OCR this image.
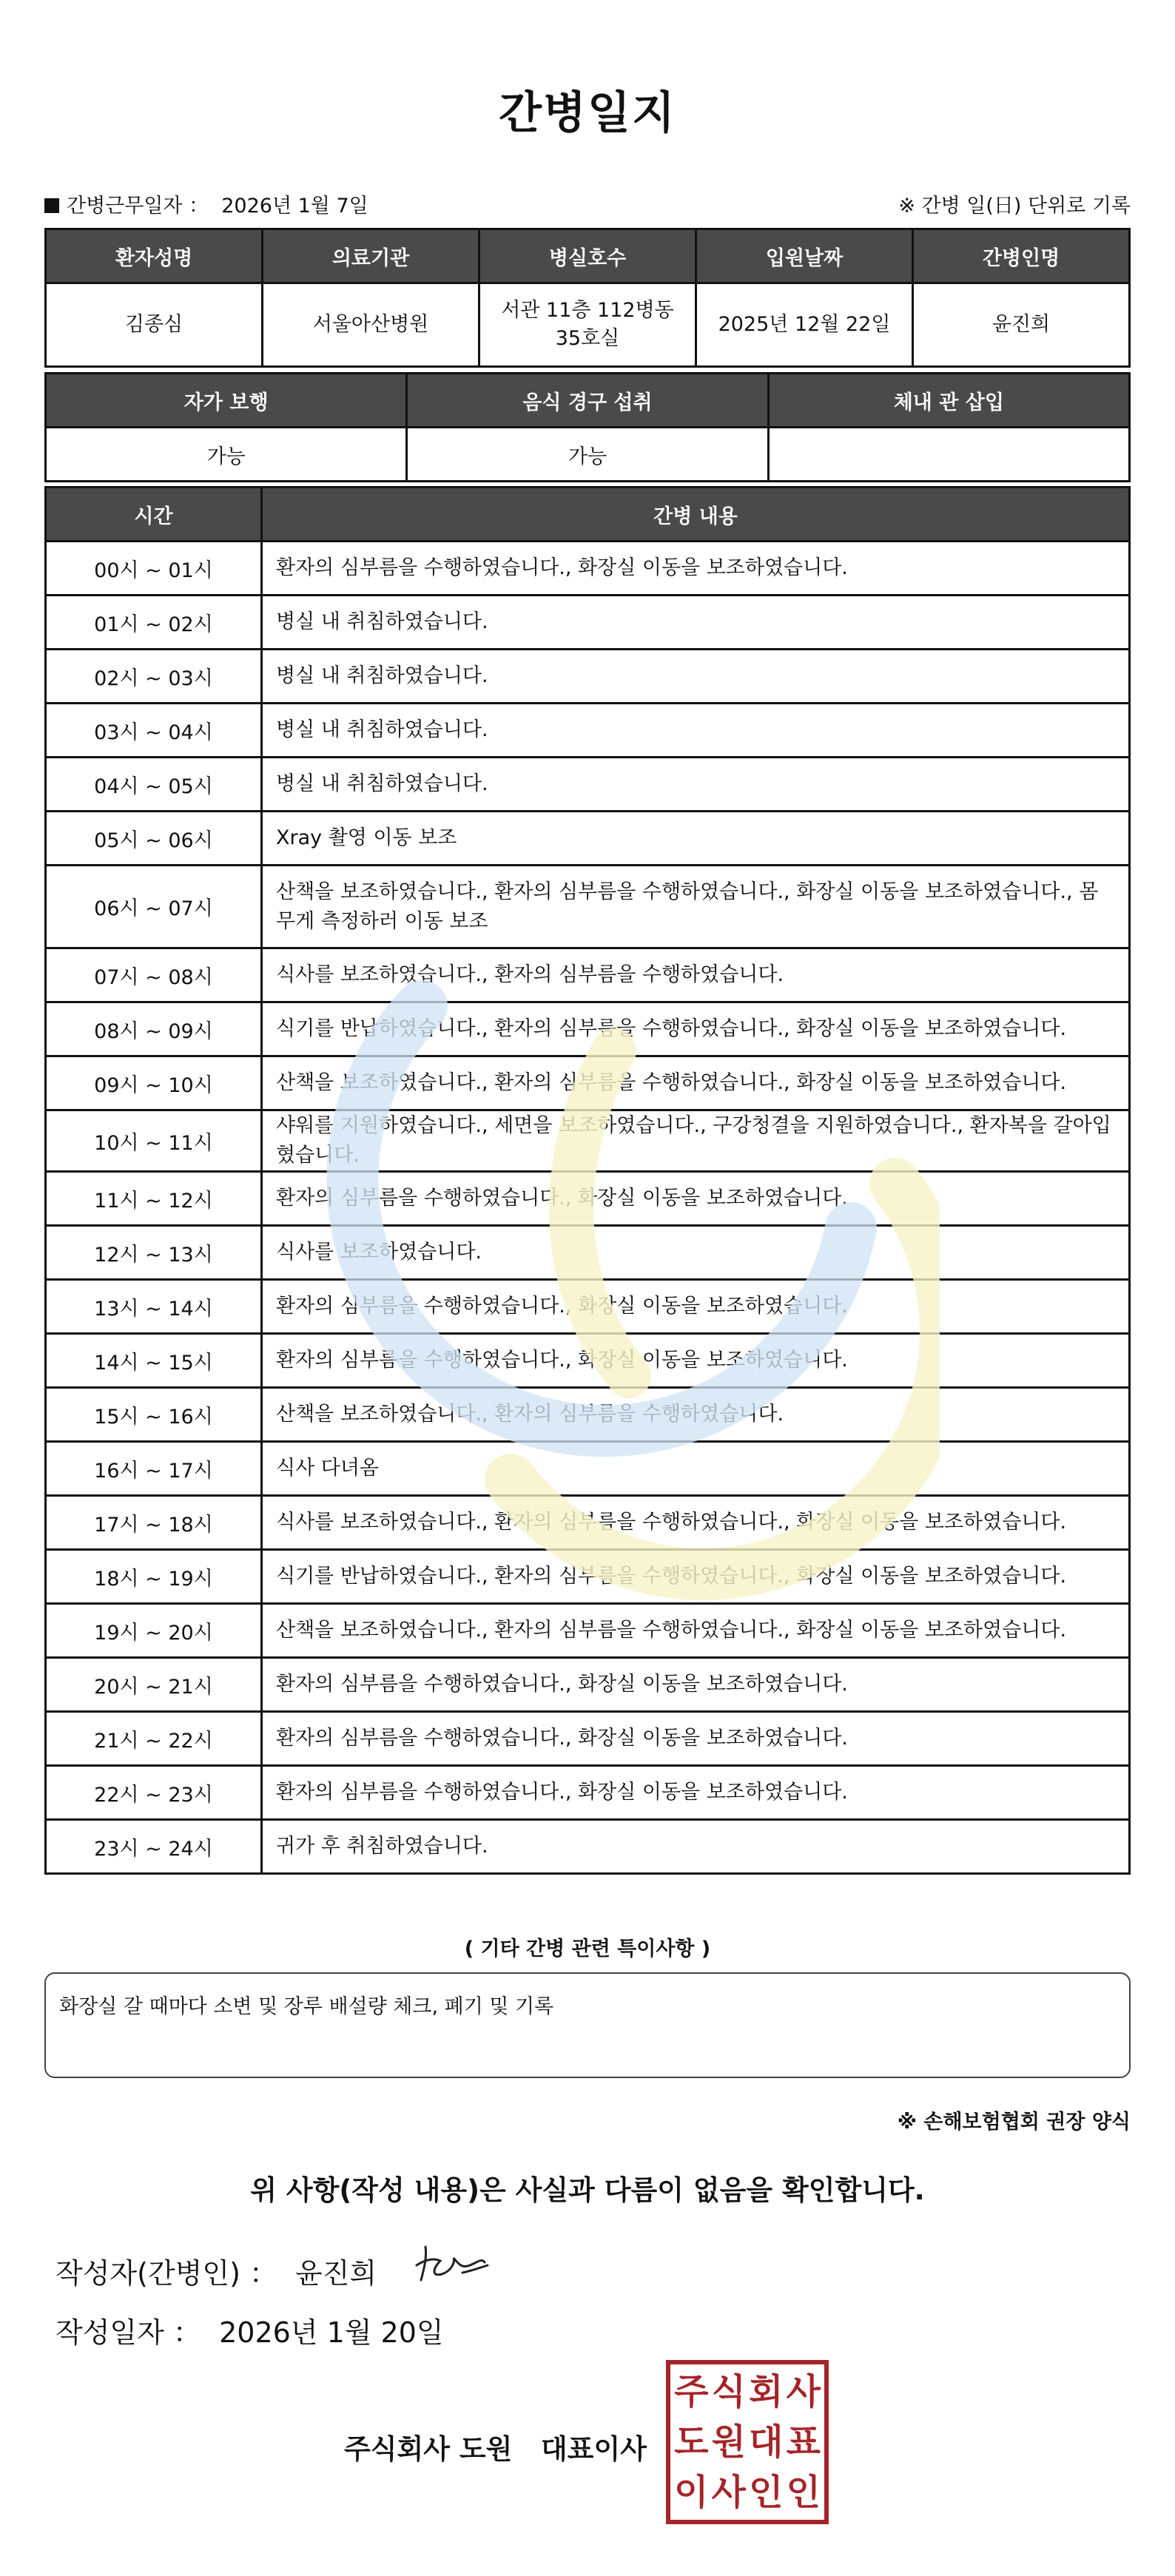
간병일지
간병근무일자 ： 2026년 1월 7일	※ 간병 일(日) 단위로 기록
환자성명	의료기관	병실호수	입원날짜	간병인명
김종심	서울아산병원	서관 11층 112병동 35호실	2025년 12월 22일	윤진희
자가 보행	음식 경구 섭취	체내 관 삽입
가능	가능	
시간	간병 내용
00시 ~ 01시	환자의 심부름을 수행하였습니다., 화장실 이동을 보조하였습니다.
01시 ~ 02시	병실 내 취침하였습니다.
02시 ~ 03시	병실 내 취침하였습니다.
03시 ~ 04시	병실 내 취침하였습니다.
04시 ~ 05시	병실 내 취침하였습니다.
05시 ~ 06시	Xray 촬영 이동 보조
06시 ~ 07시	산책을 보조하였습니다., 환자의 심부름을 수행하였습니다., 화장실 이동을 보조하였습니다., 몸무게 측정하러 이동 보조
07시 ~ 08시	식사를 보조하였습니다., 환자의 심부름을 수행하였습니다.
08시 ~ 09시	식기를 반납하였습니다., 환자의 심부름을 수행하였습니다., 화장실 이동을 보조하였습니다.
09시 ~ 10시	산책을 보조하였습니다., 환자의 심부름을 수행하였습니다., 화장실 이동을 보조하였습니다.
10시 ~ 11시	샤워를 지원하였습니다., 세면을 보조하였습니다., 구강청결을 지원하였습니다., 환자복을 갈아입혔습니다.
11시 ~ 12시	환자의 심부름을 수행하였습니다., 화장실 이동을 보조하였습니다.
12시 ~ 13시	식사를 보조하였습니다.
13시 ~ 14시	환자의 심부름을 수행하였습니다., 화장실 이동을 보조하였습니다.
14시 ~ 15시	환자의 심부름을 수행하였습니다., 화장실 이동을 보조하였습니다.
15시 ~ 16시	산책을 보조하였습니다., 환자의 심부름을 수행하였습니다.
16시 ~ 17시	식사 다녀옴
17시 ~ 18시	식사를 보조하였습니다., 환자의 심부름을 수행하였습니다., 화장실 이동을 보조하였습니다.
18시 ~ 19시	식기를 반납하였습니다., 환자의 심부름을 수행하였습니다., 화장실 이동을 보조하였습니다.
19시 ~ 20시	산책을 보조하였습니다., 환자의 심부름을 수행하였습니다., 화장실 이동을 보조하였습니다.
20시 ~ 21시	환자의 심부름을 수행하였습니다., 화장실 이동을 보조하였습니다.
21시 ~ 22시	환자의 심부름을 수행하였습니다., 화장실 이동을 보조하였습니다.
22시 ~ 23시	환자의 심부름을 수행하였습니다., 화장실 이동을 보조하였습니다.
23시 ~ 24시	귀가 후 취침하였습니다.
( 기타 간병 관련 특이사항 )
화장실 갈 때마다 소변 및 장루 배설량 체크, 폐기 및 기록
※ 손해보험협회 권장 양식
위 사항(작성 내용)은 사실과 다름이 없음을 확인합니다.
작성자(간병인) ： 윤진희
작성일자 ： 2026년 1월 20일
주식회사 도원 대표이사
주 식 회 사
도 원 대 표
이 사 인 인
